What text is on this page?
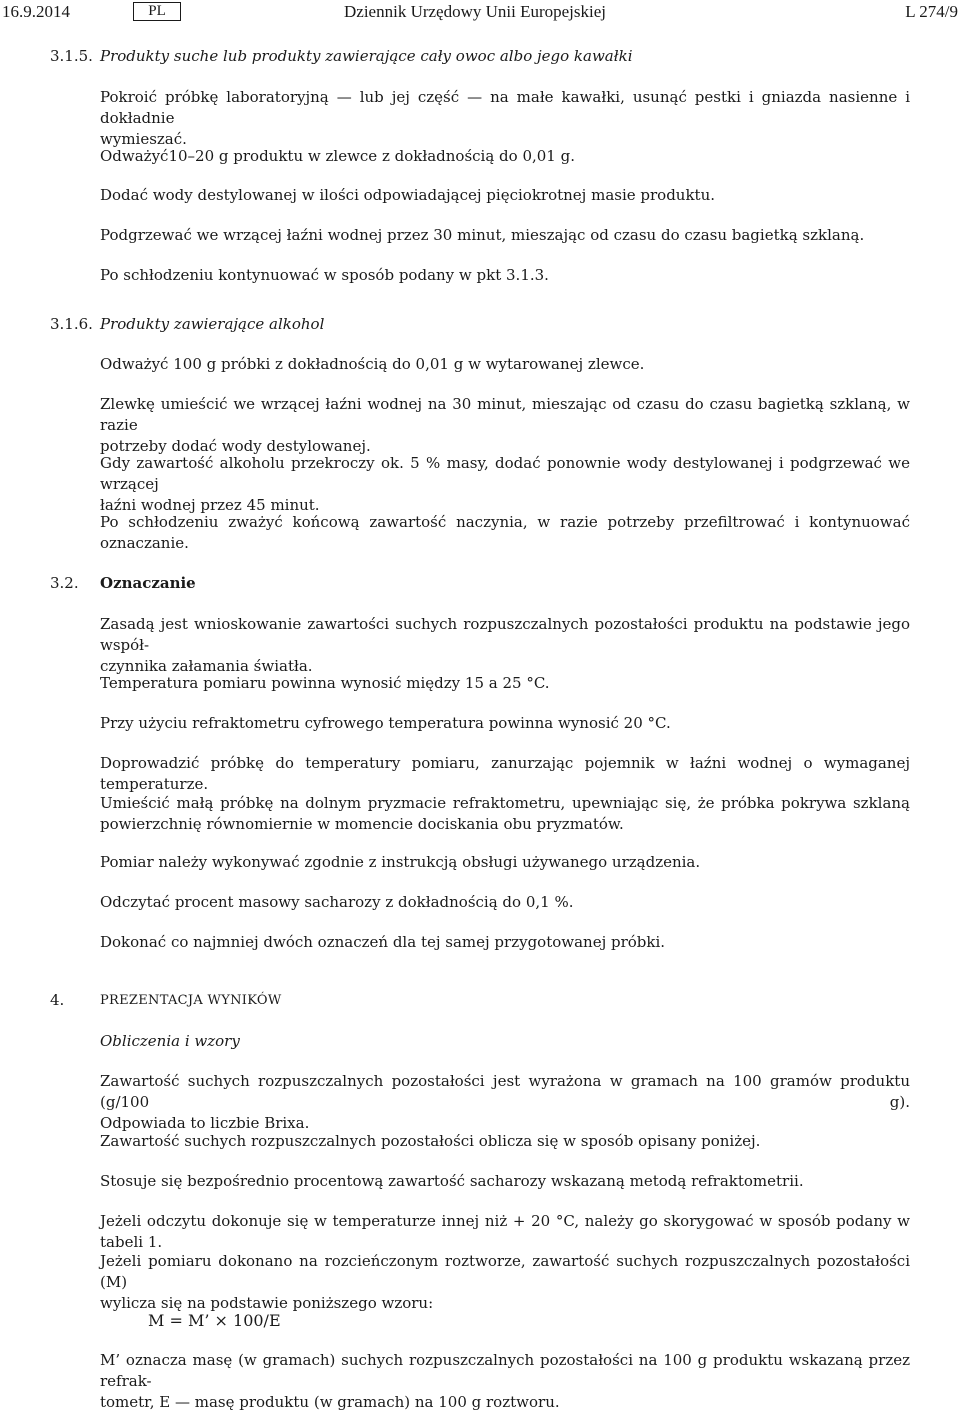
16.9.2014	PL	Dziennik Urzędowy Unii Europejskiej	L 274/9
3.1.5. Produkty suche lub produkty zawierające cały owoc albo jego kawałki
Pokroić próbkę laboratoryjną — lub jej część — na małe kawałki, usunąć pestki i gniazda nasienne i dokładnie
wymieszać.
Odważyć10–20 g produktu w zlewce z dokładnością do 0,01 g.
Dodać wody destylowanej w ilości odpowiadającej pięciokrotnej masie produktu.
Podgrzewać we wrzącej łaźni wodnej przez 30 minut, mieszając od czasu do czasu bagietką szklaną.
Po schłodzeniu kontynuować w sposób podany w pkt 3.1.3.
3.1.6. Produkty zawierające alkohol
Odważyć 100 g próbki z dokładnością do 0,01 g w wytarowanej zlewce.
Zlewkę umieścić we wrzącej łaźni wodnej na 30 minut, mieszając od czasu do czasu bagietką szklaną, w razie
potrzeby dodać wody destylowanej.
Gdy zawartość alkoholu przekroczy ok. 5 % masy, dodać ponownie wody destylowanej i podgrzewać we wrzącej
łaźni wodnej przez 45 minut.
Po schłodzeniu zważyć końcową zawartość naczynia, w razie potrzeby przefiltrować i kontynuować oznaczanie.
3.2. Oznaczanie
Zasadą jest wnioskowanie zawartości suchych rozpuszczalnych pozostałości produktu na podstawie jego współ-
czynnika załamania światła.
Temperatura pomiaru powinna wynosić między 15 a 25 °C.
Przy użyciu refraktometru cyfrowego temperatura powinna wynosić 20 °C.
Doprowadzić próbkę do temperatury pomiaru, zanurzając pojemnik w łaźni wodnej o wymaganej temperaturze.
Umieścić małą próbkę na dolnym pryzmacie refraktometru, upewniając się, że próbka pokrywa szklaną
powierzchnię równomiernie w momencie dociskania obu pryzmatów.
Pomiar należy wykonywać zgodnie z instrukcją obsługi używanego urządzenia.
Odczytać procent masowy sacharozy z dokładnością do 0,1 %.
Dokonać co najmniej dwóch oznaczeń dla tej samej przygotowanej próbki.
4.	PREZENTACJA WYNIKÓW
Obliczenia i wzory
Zawartość suchych rozpuszczalnych pozostałości jest wyrażona w gramach na 100 gramów produktu (g/100 g).
Odpowiada to liczbie Brixa.
Zawartość suchych rozpuszczalnych pozostałości oblicza się w sposób opisany poniżej.
Stosuje się bezpośrednio procentową zawartość sacharozy wskazaną metodą refraktometrii.
Jeżeli odczytu dokonuje się w temperaturze innej niż + 20 °C, należy go skorygować w sposób podany w tabeli 1.
Jeżeli pomiaru dokonano na rozcieńczonym roztworze, zawartość suchych rozpuszczalnych pozostałości (M)
wylicza się na podstawie poniższego wzoru:
M = M’ × 100/E
M’ oznacza masę (w gramach) suchych rozpuszczalnych pozostałości na 100 g produktu wskazaną przez refrak-
tometr, E — masę produktu (w gramach) na 100 g roztworu.
